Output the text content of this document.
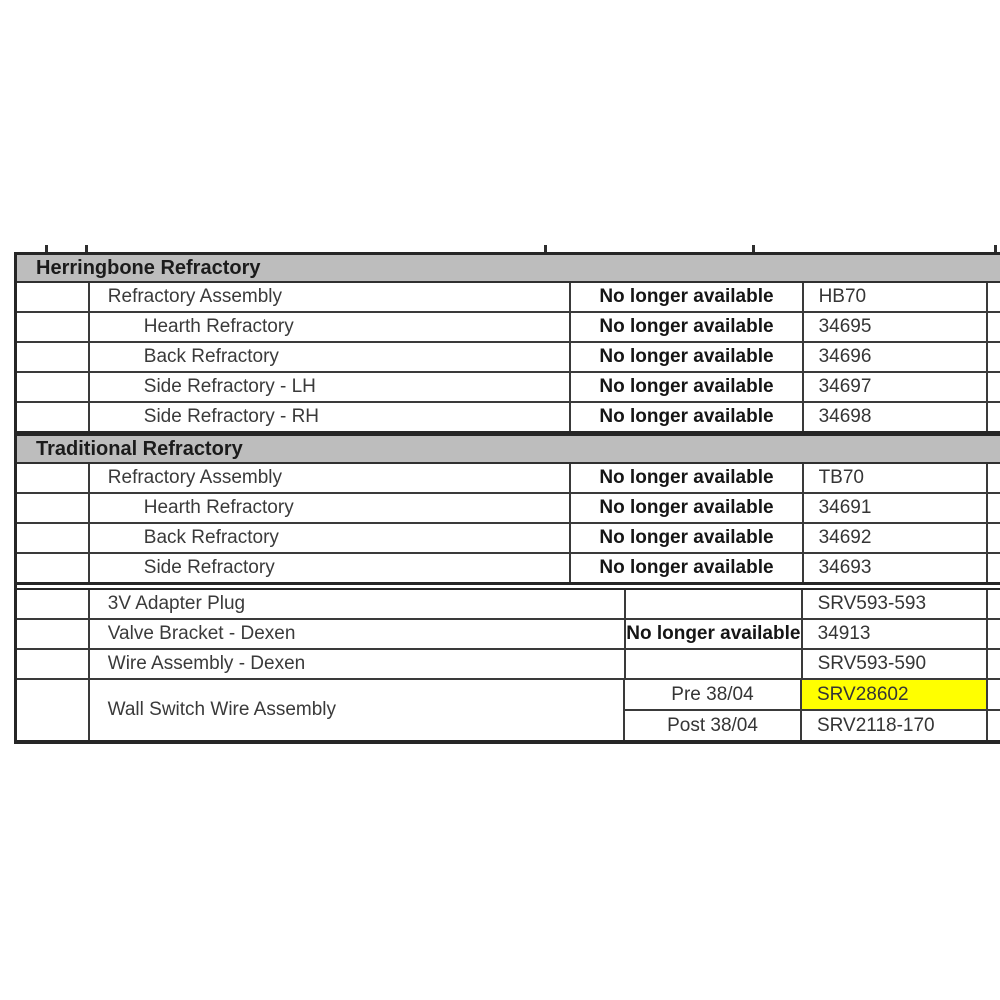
Herringbone Refractory
Refractory Assembly	No longer available	HB70
Hearth Refractory	No longer available	34695
Back Refractory	No longer available	34696
Side Refractory - LH	No longer available	34697
Side Refractory - RH	No longer available	34698
Traditional Refractory
Refractory Assembly	No longer available	TB70
Hearth Refractory	No longer available	34691
Back Refractory	No longer available	34692
Side Refractory	No longer available	34693
3V Adapter Plug	SRV593-593
Valve Bracket - Dexen	No longer available 34913
Wire Assembly - Dexen	SRV593-590
Wall Switch Wire Assembly
Pre 38/04	SRV28602
Post 38/04	SRV2118-170
